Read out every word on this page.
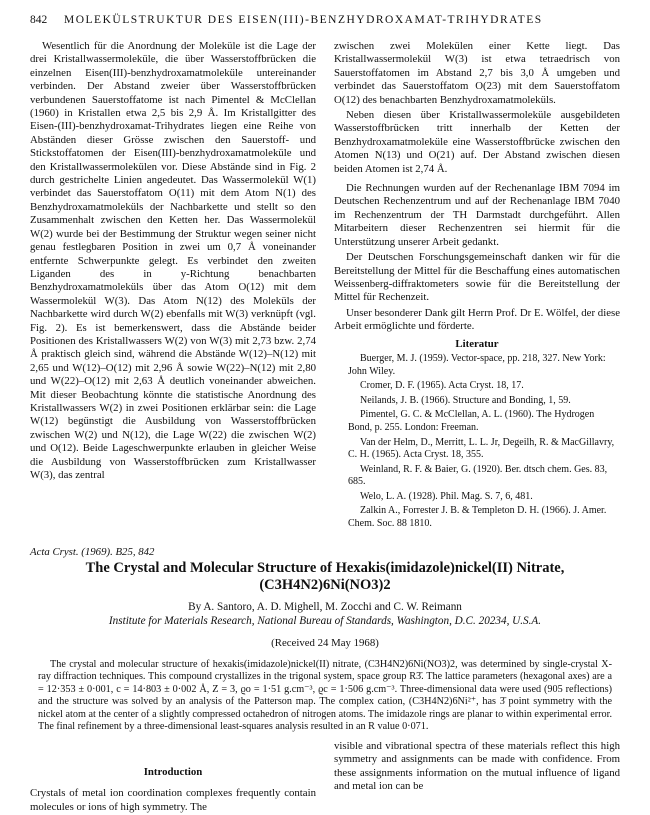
842 MOLEKÜLSTRUKTUR DES EISEN(III)-BENZHYDROXAMAT-TRIHYDRATES

Wesentlich für die Anordnung der Moleküle ist die Lage der drei Kristallwassermoleküle, die über Wasserstoffbrücken die einzelnen Eisen(III)-benzhydroxamatmoleküle untereinander verbinden. Der Abstand zweier über Wasserstoffbrücken verbundenen Sauerstoffatome ist nach Pimentel & McClellan (1960) in Kristallen etwa 2,5 bis 2,9 Å. Im Kristallgitter des Eisen-(III)-benzhydroxamat-Trihydrates liegen eine Reihe von Abständen dieser Grösse zwischen den Sauerstoff- und Stickstoffatomen der Eisen(III)-benzhydroxamatmoleküle und den Kristallwassermolekülen vor. Diese Abstände sind in Fig. 2 durch gestrichelte Linien angedeutet. Das Wassermolekül W(1) verbindet das Sauerstoffatom O(11) mit dem Atom N(1) des Benzhydroxamatmoleküls der Nachbarkette und stellt so den Zusammenhalt zwischen den Ketten her. Das Wassermolekül W(2) wurde bei der Bestimmung der Struktur wegen seiner nicht genau festlegbaren Position in zwei um 0,7 Å voneinander entfernte Schwerpunkte gelegt. Es verbindet den zweiten Liganden des in y-Richtung benachbarten Benzhydroxamatmoleküls über das Atom O(12) mit dem Wassermolekül W(3). Das Atom N(12) des Moleküls der Nachbarkette wird durch W(2) ebenfalls mit W(3) verknüpft (vgl. Fig. 2). Es ist bemerkenswert, dass die Abstände beider Positionen des Kristallwassers W(2) von W(3) mit 2,73 bzw. 2,74 Å praktisch gleich sind, während die Abstände W(12)–N(12) mit 2,65 und W(12)–O(12) mit 2,96 Å sowie W(22)–N(12) mit 2,80 und W(22)–O(12) mit 2,63 Å deutlich voneinander abweichen. Mit dieser Beobachtung könnte die statistische Anordnung des Kristallwassers W(2) in zwei Positionen erklärbar sein: die Lage W(12) begünstigt die Ausbildung von Wasserstoffbrücken zwischen W(2) und N(12), die Lage W(22) die zwischen W(2) und O(12). Beide Lageschwerpunkte erlauben in gleicher Weise die Ausbildung von Wasserstoffbrücken zum Kristallwasser W(3), das zentral

zwischen zwei Molekülen einer Kette liegt. Das Kristallwassermolekül W(3) ist etwa tetraedrisch von Sauerstoffatomen im Abstand 2,7 bis 3,0 Å umgeben und verbindet das Sauerstoffatom O(23) mit dem Sauerstoffatom O(12) des benachbarten Benzhydroxamatmoleküls.

Neben diesen über Kristallwassermoleküle ausgebildeten Wasserstoffbrücken tritt innerhalb der Ketten der Benzhydroxamatmoleküle eine Wasserstoffbrücke zwischen den Atomen N(13) und O(21) auf. Der Abstand zwischen diesen beiden Atomen ist 2,74 Å.

Die Rechnungen wurden auf der Rechenanlage IBM 7094 im Deutschen Rechenzentrum und auf der Rechenanlage IBM 7040 im Rechenzentrum der TH Darmstadt durchgeführt. Allen Mitarbeitern dieser Rechenzentren sei hiermit für die Unterstützung unserer Arbeit gedankt.

Der Deutschen Forschungsgemeinschaft danken wir für die Bereitstellung der Mittel für die Beschaffung eines automatischen Weissenberg-diffraktometers sowie für die Bereitstellung der Mittel für Rechenzeit.

Unser besonderer Dank gilt Herrn Prof. Dr E. Wölfel, der diese Arbeit ermöglichte und förderte.

Literatur

Buerger, M. J. (1959). Vector-space, pp. 218, 327. New York: John Wiley.

Cromer, D. F. (1965). Acta Cryst. 18, 17.

Neilands, J. B. (1966). Structure and Bonding, 1, 59.

Pimentel, G. C. & McClellan, A. L. (1960). The Hydrogen Bond, p. 255. London: Freeman.

Van der Helm, D., Merritt, L. L. Jr, Degeilh, R. & MacGillavry, C. H. (1965). Acta Cryst. 18, 355.

Weinland, R. F. & Baier, G. (1920). Ber. dtsch chem. Ges. 83, 685.

Welo, L. A. (1928). Phil. Mag. S. 7, 6, 481.

Zalkin A., Forrester J. B. & Templeton D. H. (1966). J. Amer. Chem. Soc. 88 1810.

Acta Cryst. (1969). B25, 842
The Crystal and Molecular Structure of Hexakis(imidazole)nickel(II) Nitrate,
(C3H4N2)6Ni(NO3)2
By A. Santoro, A. D. Mighell, M. Zocchi and C. W. Reimann
Institute for Materials Research, National Bureau of Standards, Washington, D.C. 20234, U.S.A.
(Received 24 May 1968)
The crystal and molecular structure of hexakis(imidazole)nickel(II) nitrate, (C3H4N2)6Ni(NO3)2, was determined by single-crystal X-ray diffraction techniques. This compound crystallizes in the trigonal system, space group R3̄. The lattice parameters (hexagonal axes) are a = 12·353 ± 0·001, c = 14·803 ± 0·002 Å, Z = 3, ϱo = 1·51 g.cm⁻³, ϱc = 1·506 g.cm⁻³. Three-dimensional data were used (905 reflections) and the structure was solved by an analysis of the Patterson map. The complex cation, (C3H4N2)6Ni²⁺, has 3̄ point symmetry with the nickel atom at the center of a slightly compressed octahedron of nitrogen atoms. The imidazole rings are planar to within experimental error. The final refinement by a three-dimensional least-squares analysis resulted in an R value 0·071.
Introduction
Crystals of metal ion coordination complexes frequently contain molecules or ions of high symmetry. The
visible and vibrational spectra of these materials reflect this high symmetry and assignments can be made with confidence. From these assignments information on the mutual influence of ligand and metal ion can be
